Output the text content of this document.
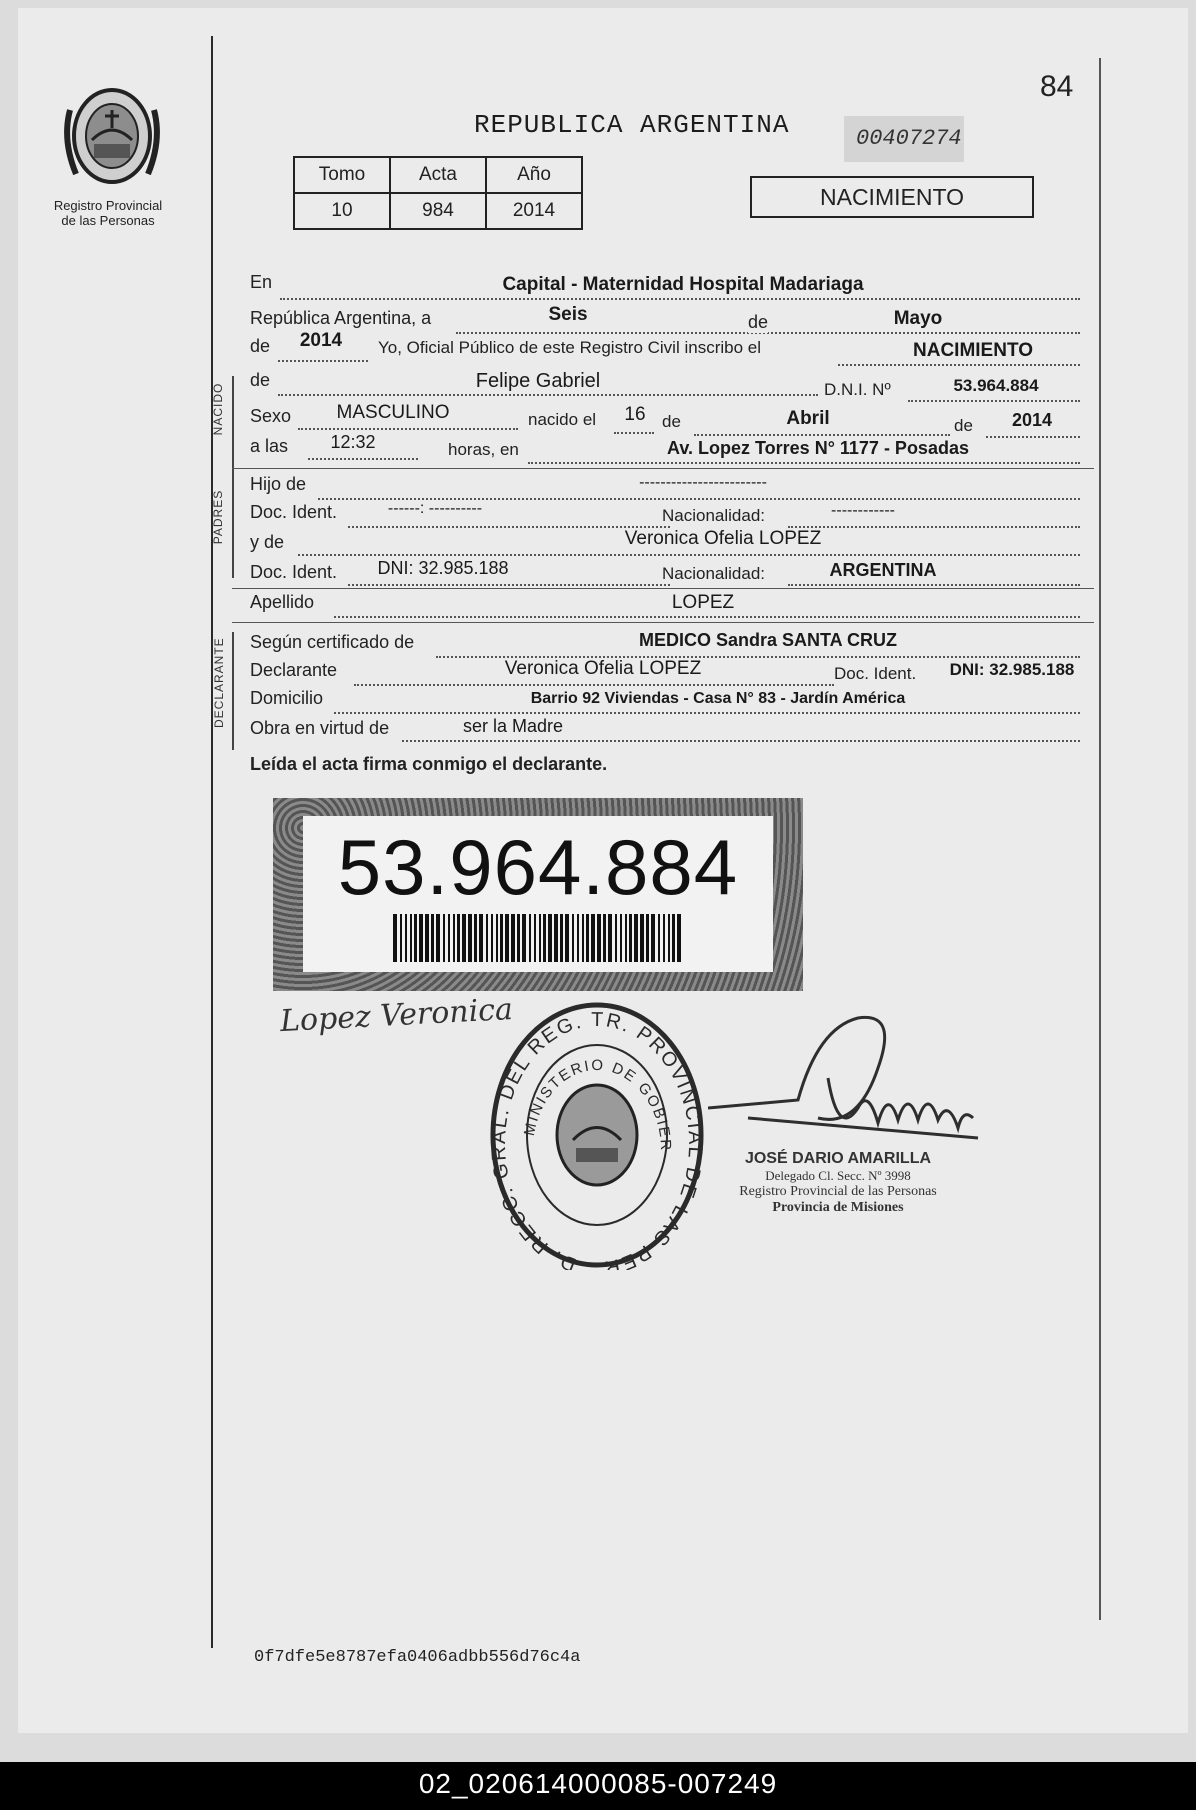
Registro Provincial
de las Personas
84
REPUBLICA ARGENTINA	00407274
Tomo	Acta	Año
10	984	2014
NACIMIENTO
En	Capital - Maternidad Hospital Madariaga
República Argentina, a	Seis	de	Mayo
de	2014	Yo, Oficial Público de este Registro Civil inscribo el	NACIMIENTO
NACIDO
de	Felipe Gabriel	D.N.I. Nº	53.964.884
Sexo	MASCULINO	nacido el 16 de	Abril	de	2014
a las	12:32	horas, en	Av. Lopez Torres N° 1177 - Posadas
PADRES
Hijo de	------------------------
Doc. Ident.	------: ----------	Nacionalidad:	------------
y de	Veronica Ofelia LOPEZ
Doc. Ident.	DNI: 32.985.188	Nacionalidad:	ARGENTINA
Apellido	LOPEZ
DECLARANTE Según certificado de	MEDICO Sandra SANTA CRUZ
Declarante	Veronica Ofelia LOPEZ	Doc. Ident.	DNI: 32.985.188
Domicilio	Barrio 92 Viviendas - Casa N° 83 - Jardín América
Obra en virtud de	ser la Madre
Leída el acta firma conmigo el declarante.
53.964.884
Lopez Veronica
D. RECC. GRAL. DEL REG. TR. PROVINCIAL DE LAS PER
MINISTERIO DE GOBIER
JOSÉ DARIO AMARILLA
Delegado Cl. Secc. Nº 3998
Registro Provincial de las Personas
Provincia de Misiones
0f7dfe5e8787efa0406adbb556d76c4a
02_020614000085-007249
